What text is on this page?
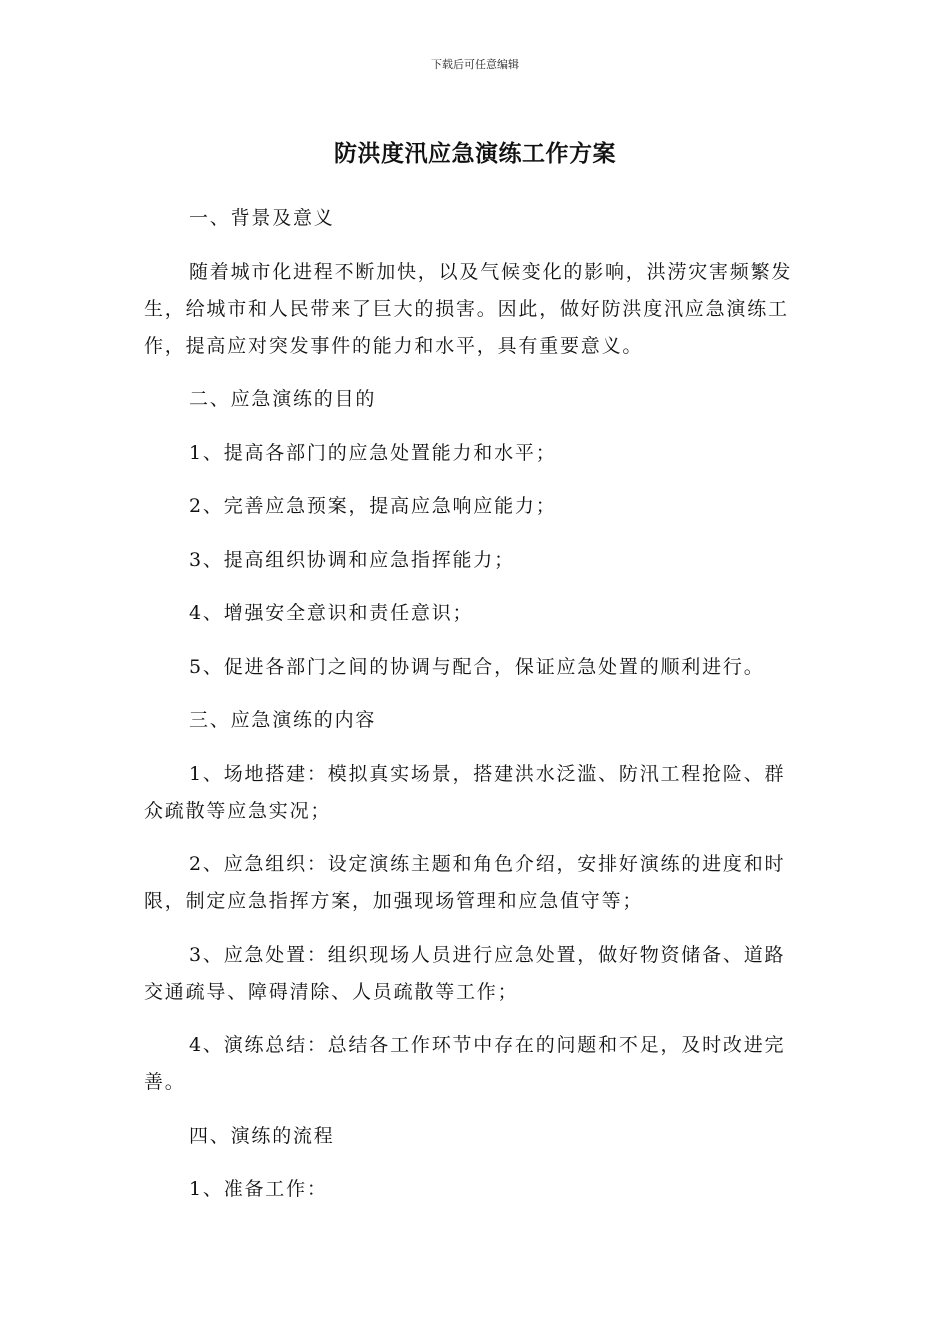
下载后可任意编辑
防洪度汛应急演练工作方案

一、背景及意义

随着城市化进程不断加快，以及气候变化的影响，洪涝灾害频繁发生，给城市和人民带来了巨大的损害。因此，做好防洪度汛应急演练工作，提高应对突发事件的能力和水平，具有重要意义。

二、应急演练的目的

1、提高各部门的应急处置能力和水平；

2、完善应急预案，提高应急响应能力；

3、提高组织协调和应急指挥能力；

4、增强安全意识和责任意识；

5、促进各部门之间的协调与配合，保证应急处置的顺利进行。

三、应急演练的内容

1、场地搭建：模拟真实场景，搭建洪水泛滥、防汛工程抢险、群众疏散等应急实况；

2、应急组织：设定演练主题和角色介绍，安排好演练的进度和时限，制定应急指挥方案，加强现场管理和应急值守等；

3、应急处置：组织现场人员进行应急处置，做好物资储备、道路交通疏导、障碍清除、人员疏散等工作；

4、演练总结：总结各工作环节中存在的问题和不足，及时改进完善。

四、演练的流程

1、准备工作：
